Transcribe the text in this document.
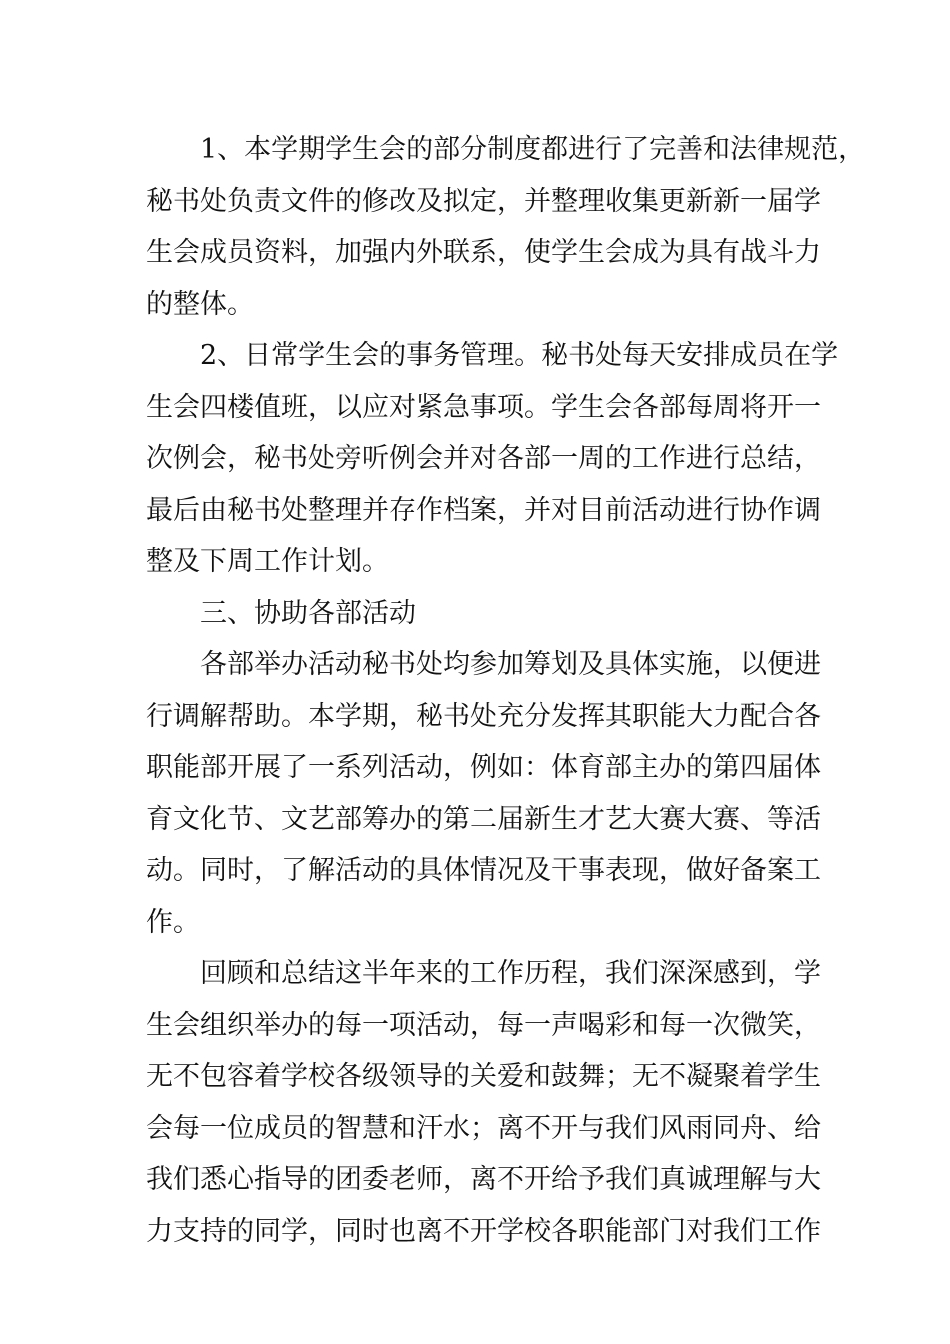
1、本学期学生会的部分制度都进行了完善和法律规范，
秘书处负责文件的修改及拟定，并整理收集更新新一届学
生会成员资料，加强内外联系，使学生会成为具有战斗力
的整体。
2、日常学生会的事务管理。秘书处每天安排成员在学
生会四楼值班，以应对紧急事项。学生会各部每周将开一
次例会，秘书处旁听例会并对各部一周的工作进行总结，
最后由秘书处整理并存作档案，并对目前活动进行协作调
整及下周工作计划。
三、协助各部活动
各部举办活动秘书处均参加筹划及具体实施，以便进
行调解帮助。本学期，秘书处充分发挥其职能大力配合各
职能部开展了一系列活动，例如：体育部主办的第四届体
育文化节、文艺部筹办的第二届新生才艺大赛大赛、等活
动。同时，了解活动的具体情况及干事表现，做好备案工
作。
回顾和总结这半年来的工作历程，我们深深感到，学
生会组织举办的每一项活动，每一声喝彩和每一次微笑，
无不包容着学校各级领导的关爱和鼓舞；无不凝聚着学生
会每一位成员的智慧和汗水；离不开与我们风雨同舟、给
我们悉心指导的团委老师，离不开给予我们真诚理解与大
力支持的同学，同时也离不开学校各职能部门对我们工作
